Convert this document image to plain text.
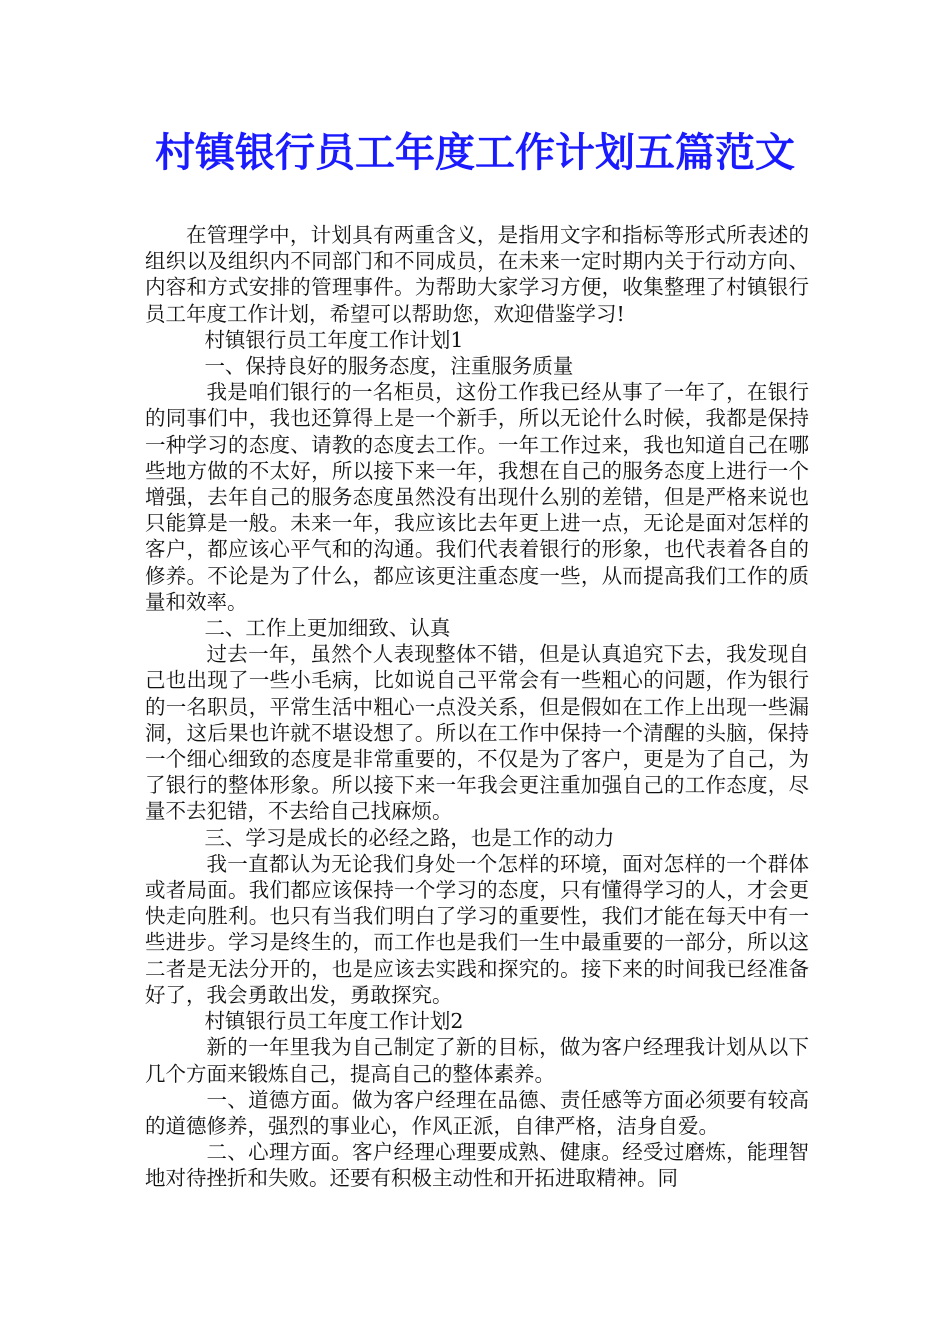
村镇银行员工年度工作计划五篇范文

在管理学中，计划具有两重含义，是指用文字和指标等形式所表述的组织以及组织内不同部门和不同成员，在未来一定时期内关于行动方向、内容和方式安排的管理事件。为帮助大家学习方便，收集整理了村镇银行员工年度工作计划，希望可以帮助您，欢迎借鉴学习!

村镇银行员工年度工作计划1

一、保持良好的服务态度，注重服务质量

我是咱们银行的一名柜员，这份工作我已经从事了一年了，在银行的同事们中，我也还算得上是一个新手，所以无论什么时候，我都是保持一种学习的态度、请教的态度去工作。一年工作过来，我也知道自己在哪些地方做的不太好，所以接下来一年，我想在自己的服务态度上进行一个增强，去年自己的服务态度虽然没有出现什么别的差错，但是严格来说也只能算是一般。未来一年，我应该比去年更上进一点，无论是面对怎样的客户，都应该心平气和的沟通。我们代表着银行的形象，也代表着各自的修养。不论是为了什么，都应该更注重态度一些，从而提高我们工作的质量和效率。

二、工作上更加细致、认真

过去一年，虽然个人表现整体不错，但是认真追究下去，我发现自己也出现了一些小毛病，比如说自己平常会有一些粗心的问题，作为银行的一名职员，平常生活中粗心一点没关系，但是假如在工作上出现一些漏洞，这后果也许就不堪设想了。所以在工作中保持一个清醒的头脑，保持一个细心细致的态度是非常重要的，不仅是为了客户，更是为了自己，为了银行的整体形象。所以接下来一年我会更注重加强自己的工作态度，尽量不去犯错，不去给自己找麻烦。

三、学习是成长的必经之路，也是工作的动力

我一直都认为无论我们身处一个怎样的环境，面对怎样的一个群体或者局面。我们都应该保持一个学习的态度，只有懂得学习的人，才会更快走向胜利。也只有当我们明白了学习的重要性，我们才能在每天中有一些进步。学习是终生的，而工作也是我们一生中最重要的一部分，所以这二者是无法分开的，也是应该去实践和探究的。接下来的时间我已经准备好了，我会勇敢出发，勇敢探究。

村镇银行员工年度工作计划2

新的一年里我为自己制定了新的目标，做为客户经理我计划从以下几个方面来锻炼自己，提高自己的整体素养。

一、道德方面。做为客户经理在品德、责任感等方面必须要有较高的道德修养，强烈的事业心，作风正派，自律严格，洁身自爱。

二、心理方面。客户经理心理要成熟、健康。经受过磨炼，能理智地对待挫折和失败。还要有积极主动性和开拓进取精神。同
